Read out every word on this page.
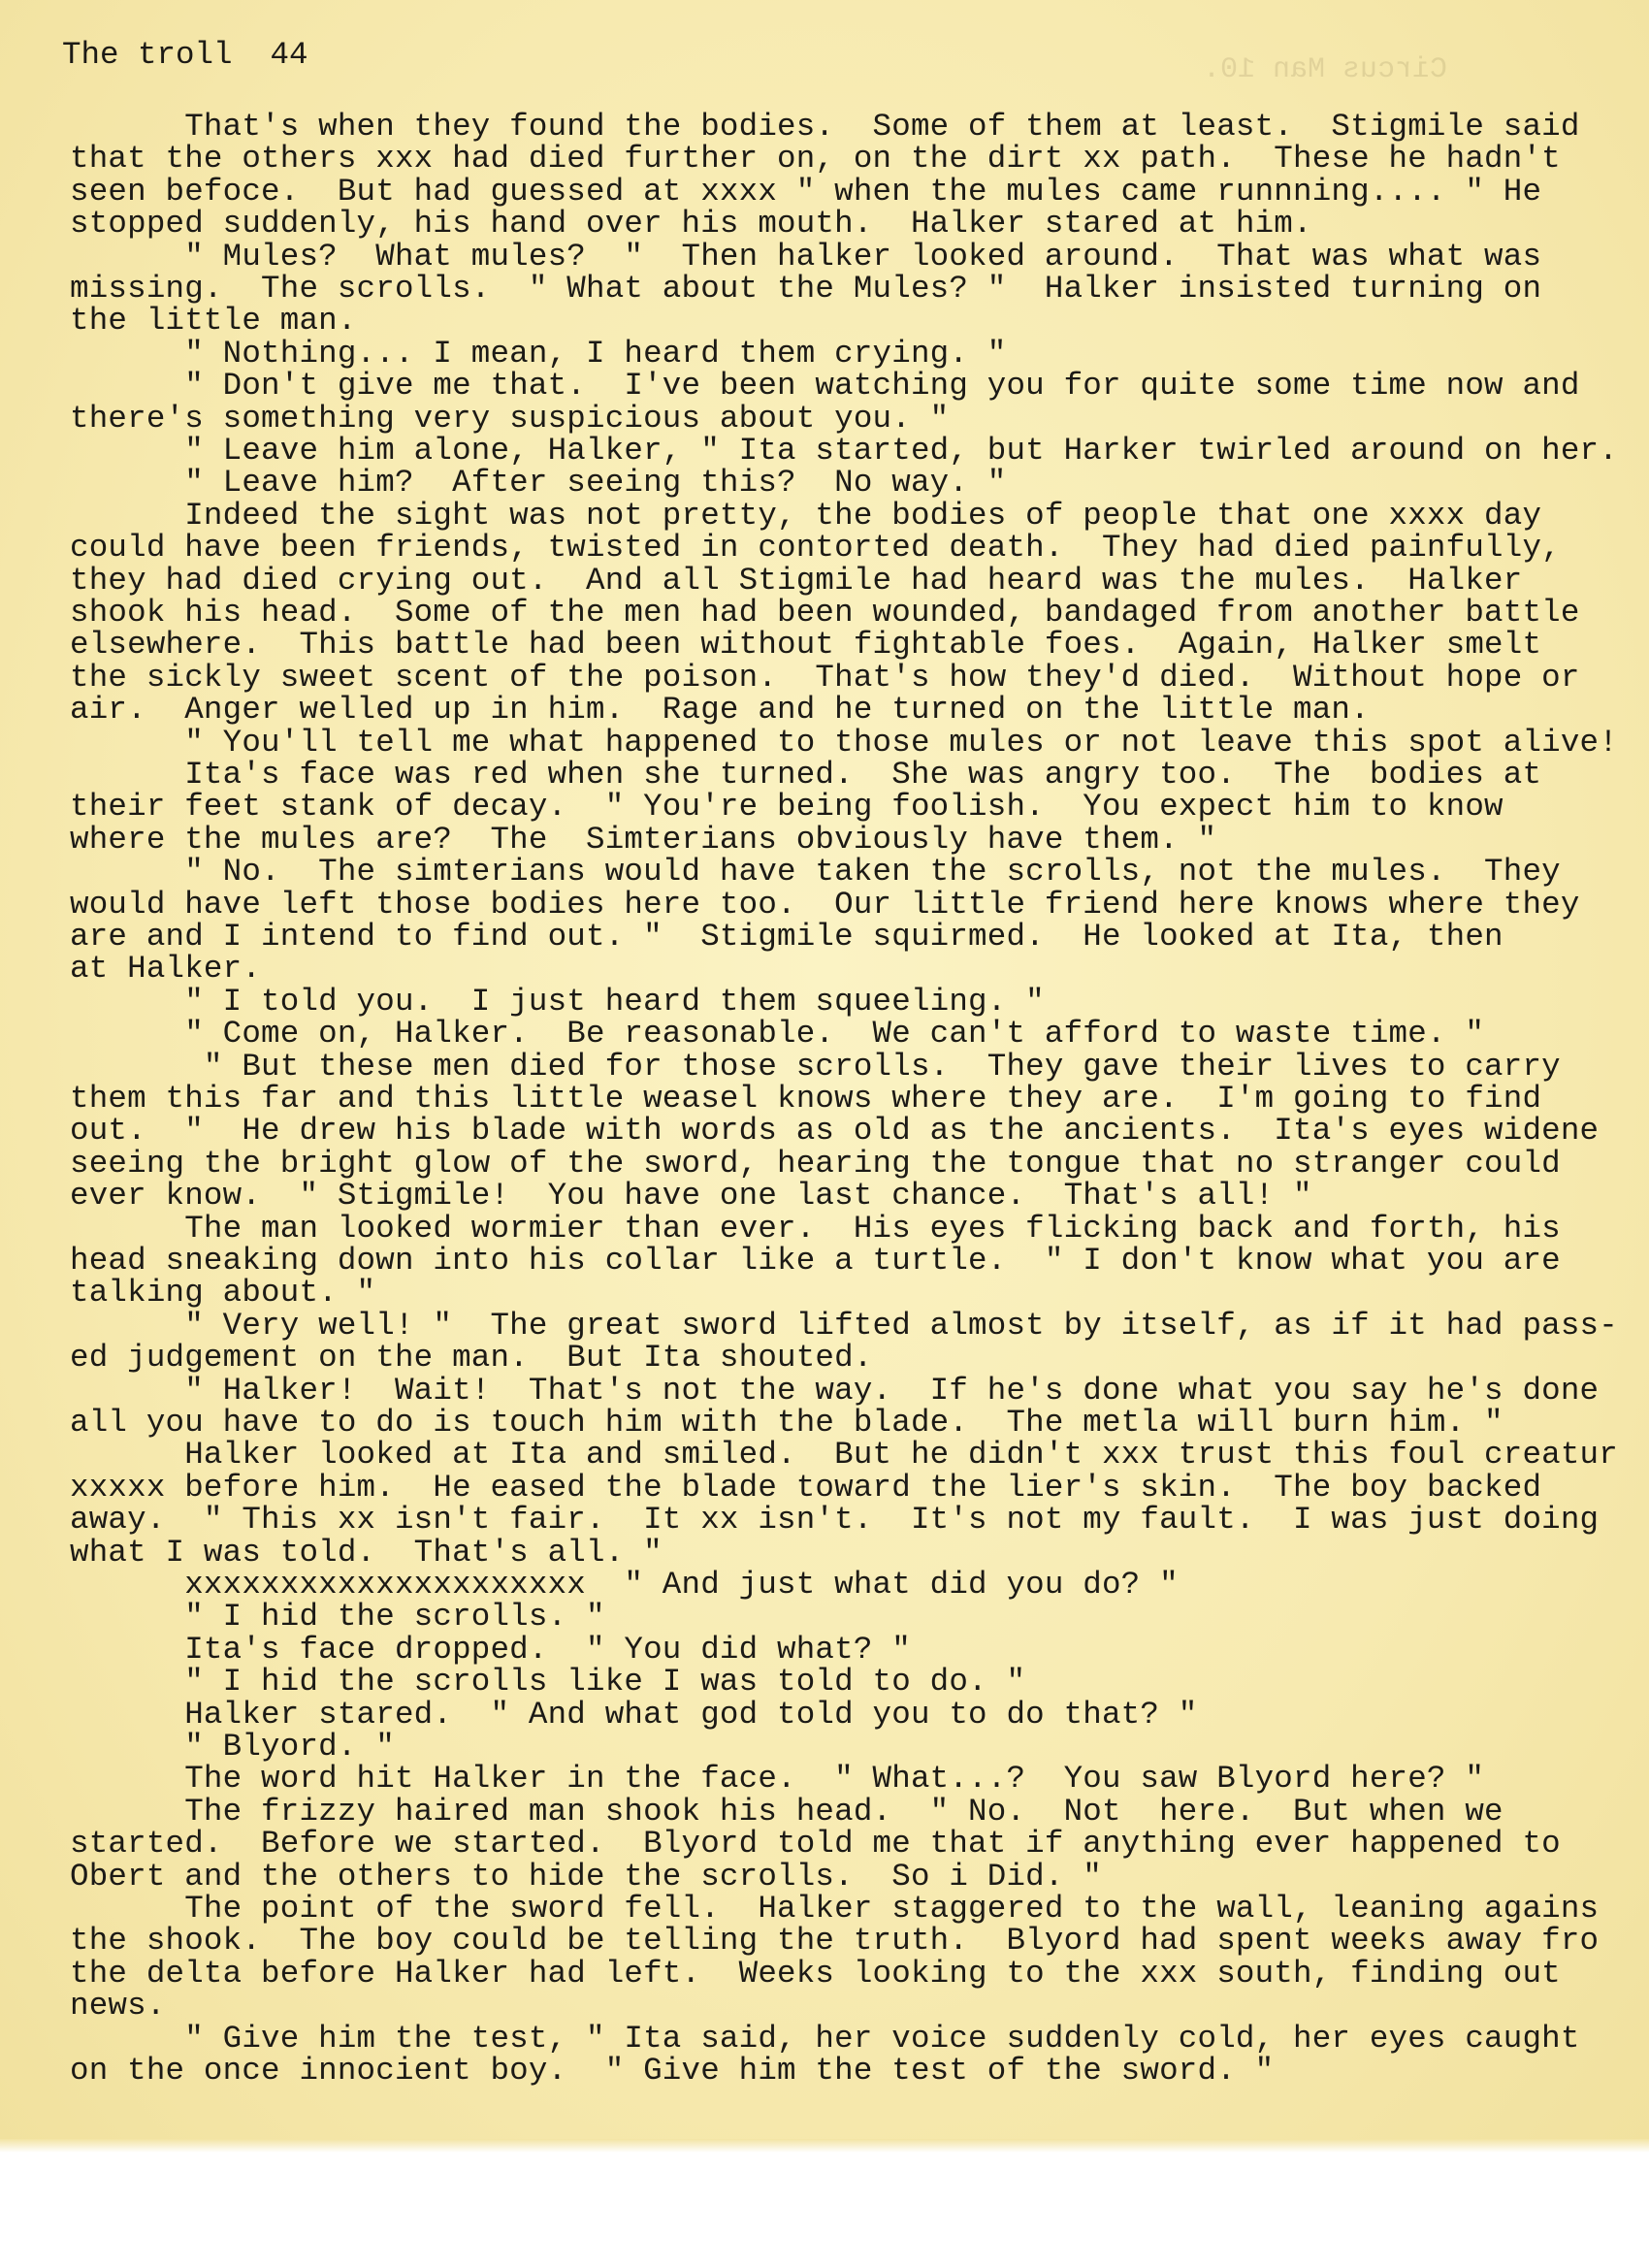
Circus Man 10.
The troll 44
That's when they found the bodies.  Some of them at least.  Stigmile said
that the others xxx had died further on, on the dirt xx path.  These he hadn't
seen befoce.  But had guessed at xxxx " when the mules came runnning.... " He
stopped suddenly, his hand over his mouth.  Halker stared at him.
" Mules?  What mules?  "  Then halker looked around.  That was what was
missing.  The scrolls.  " What about the Mules? "  Halker insisted turning on
the little man.
" Nothing... I mean, I heard them crying. "
" Don't give me that.  I've been watching you for quite some time now and
there's something very suspicious about you. "
" Leave him alone, Halker, " Ita started, but Harker twirled around on her.
" Leave him?  After seeing this?  No way. "
Indeed the sight was not pretty, the bodies of people that one xxxx day
could have been friends, twisted in contorted death.  They had died painfully,
they had died crying out.  And all Stigmile had heard was the mules.  Halker
shook his head.  Some of the men had been wounded, bandaged from another battle
elsewhere.  This battle had been without fightable foes.  Again, Halker smelt
the sickly sweet scent of the poison.  That's how they'd died.  Without hope or
air.  Anger welled up in him.  Rage and he turned on the little man.
" You'll tell me what happened to those mules or not leave this spot alive!
Ita's face was red when she turned.  She was angry too.  The  bodies at
their feet stank of decay.  " You're being foolish.  You expect him to know
where the mules are?  The  Simterians obviously have them. "
" No.  The simterians would have taken the scrolls, not the mules.  They
would have left those bodies here too.  Our little friend here knows where they
are and I intend to find out. "  Stigmile squirmed.  He looked at Ita, then
at Halker.
" I told you.  I just heard them squeeling. "
" Come on, Halker.  Be reasonable.  We can't afford to waste time. "
" But these men died for those scrolls.  They gave their lives to carry
them this far and this little weasel knows where they are.  I'm going to find
out.  "  He drew his blade with words as old as the ancients.  Ita's eyes widene
seeing the bright glow of the sword, hearing the tongue that no stranger could
ever know.  " Stigmile!  You have one last chance.  That's all! "
The man looked wormier than ever.  His eyes flicking back and forth, his
head sneaking down into his collar like a turtle.  " I don't know what you are
talking about. "
" Very well! "  The great sword lifted almost by itself, as if it had pass-
ed judgement on the man.  But Ita shouted.
" Halker!  Wait!  That's not the way.  If he's done what you say he's done
all you have to do is touch him with the blade.  The metla will burn him. "
Halker looked at Ita and smiled.  But he didn't xxx trust this foul creatur
xxxxx before him.  He eased the blade toward the lier's skin.  The boy backed
away.  " This xx isn't fair.  It xx isn't.  It's not my fault.  I was just doing
what I was told.  That's all. "
xxxxxxxxxxxxxxxxxxxxx  " And just what did you do? "
" I hid the scrolls. "
Ita's face dropped.  " You did what? "
" I hid the scrolls like I was told to do. "
Halker stared.  " And what god told you to do that? "
" Blyord. "
The word hit Halker in the face.  " What...?  You saw Blyord here? "
The frizzy haired man shook his head.  " No.  Not  here.  But when we
started.  Before we started.  Blyord told me that if anything ever happened to
Obert and the others to hide the scrolls.  So i Did. "
The point of the sword fell.  Halker staggered to the wall, leaning agains
the shook.  The boy could be telling the truth.  Blyord had spent weeks away fro
the delta before Halker had left.  Weeks looking to the xxx south, finding out
news.
" Give him the test, " Ita said, her voice suddenly cold, her eyes caught
on the once innocient boy.  " Give him the test of the sword. "
